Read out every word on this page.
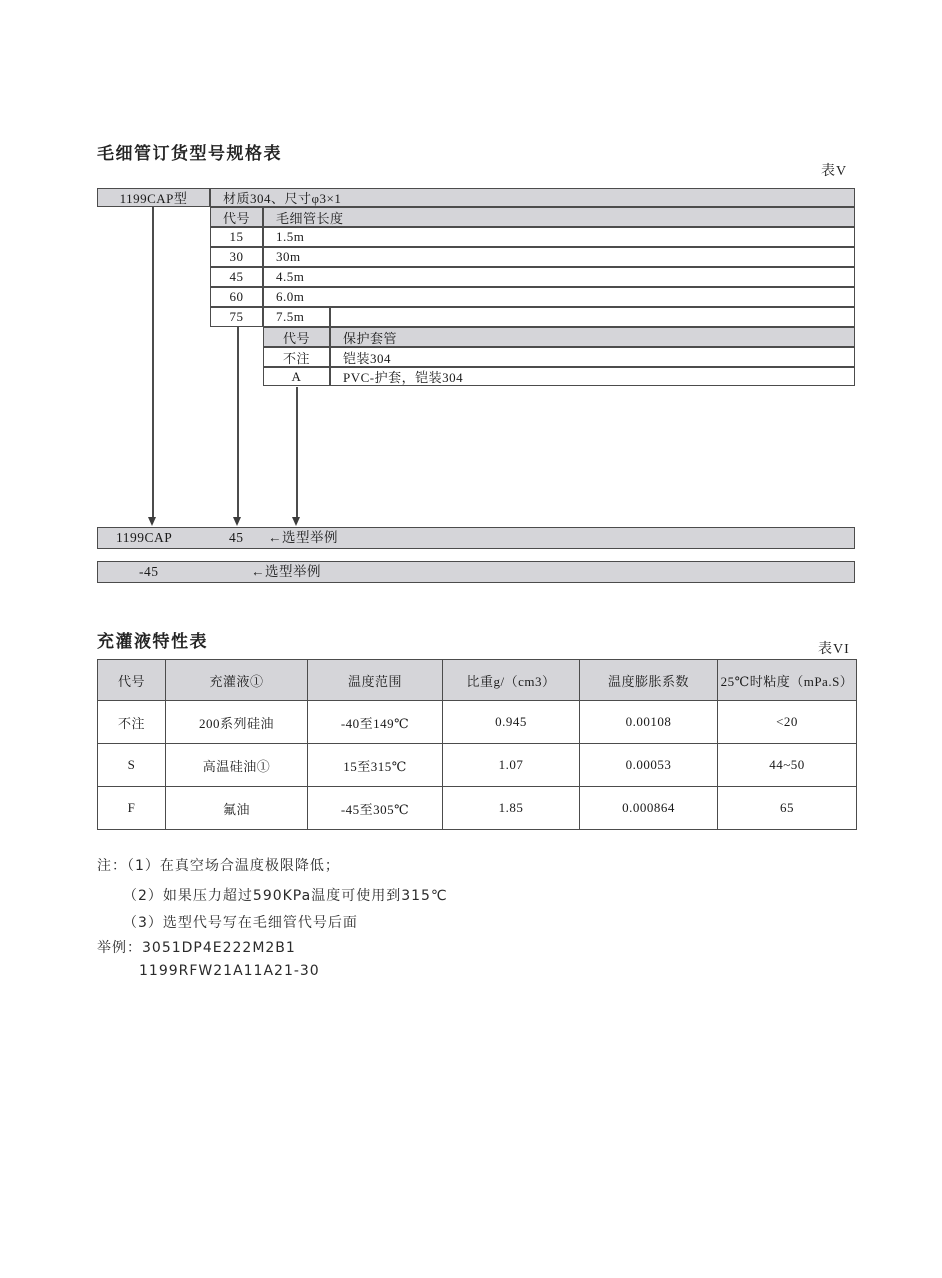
毛细管订货型号规格表
表V
1199CAP型	材质304、尺寸φ3×1
代号	毛细管长度
15	1.5m
30	30m
45	4.5m
60	6.0m
75	7.5m
代号	保护套管
不注	铠装304
A	PVC-护套，铠装304
1199CAP	45 ←选型举例
-45	←选型举例
充灌液特性表	表VI
代号	充灌液①	温度范围	比重g/（cm3）	温度膨胀系数	25℃时粘度（mPa.S）
不注	200系列硅油	-40至149℃	0.945	0.00108	<20
S	高温硅油①	15至315℃	1.07	0.00053	44~50
F	氟油	-45至305℃	1.85	0.000864	65
注：（1）在真空场合温度极限降低；
（2）如果压力超过590KPa温度可使用到315℃
（3）选型代号写在毛细管代号后面
举例：3051DP4E222M2B1
1199RFW21A11A21-30
